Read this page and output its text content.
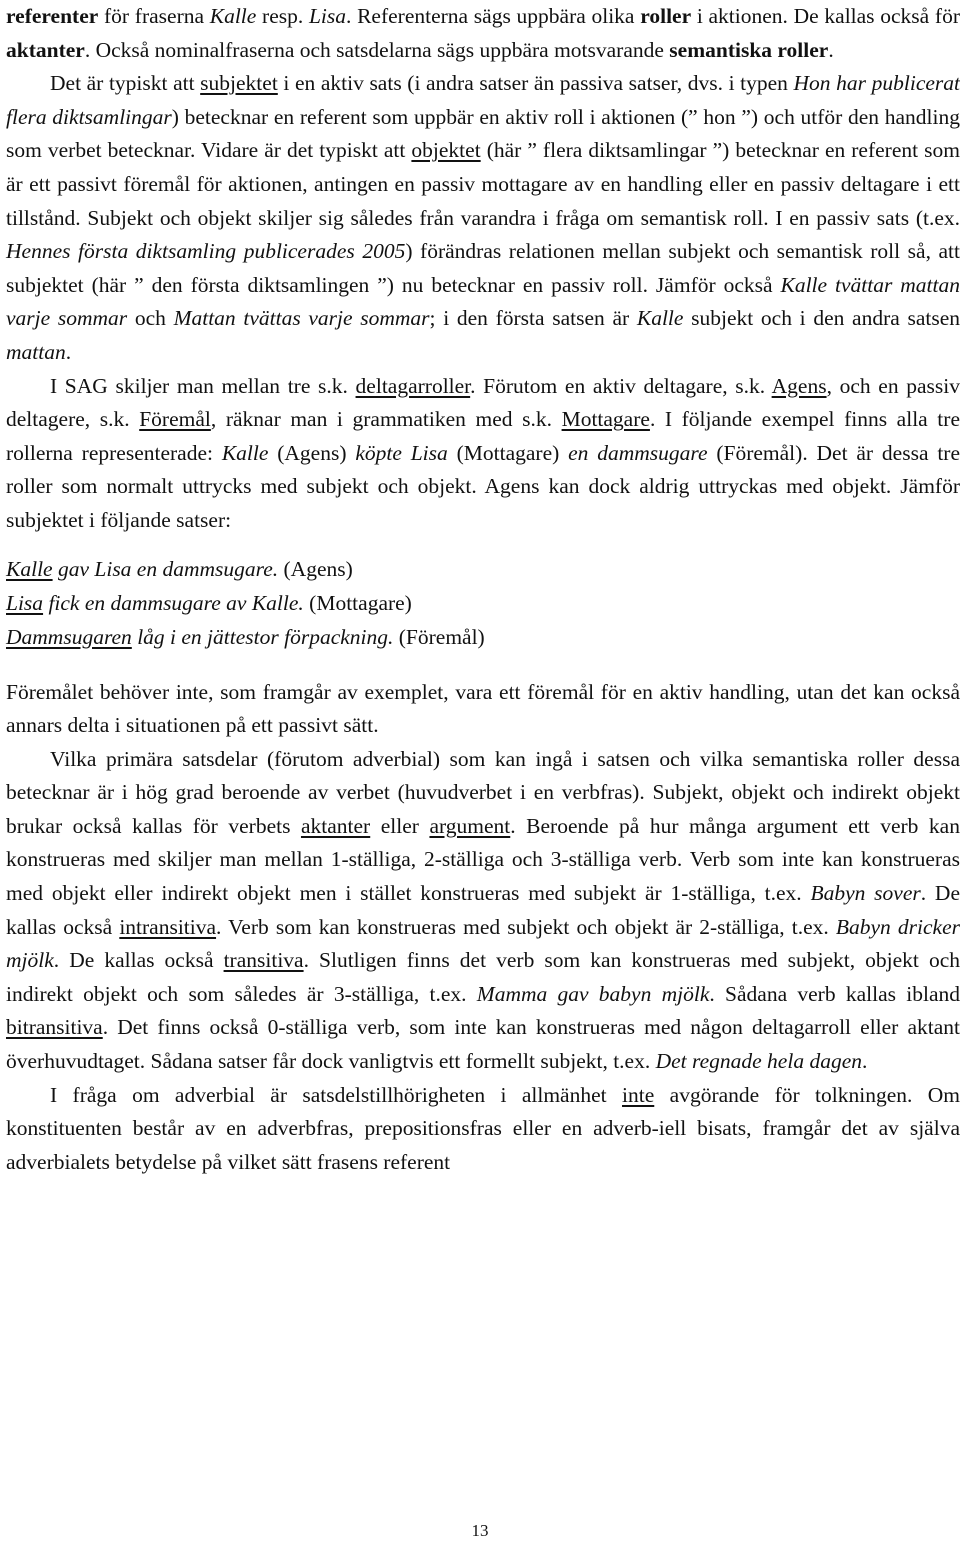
referenter för fraserna Kalle resp. Lisa. Referenterna sägs uppbära olika roller i aktionen. De kallas också för aktanter. Också nominalfraserna och satsdelarna sägs uppbära motsvarande semantiska roller.

Det är typiskt att subjektet i en aktiv sats (i andra satser än passiva satser, dvs. i typen Hon har publicerat flera diktsamlingar) betecknar en referent som uppbär en aktiv roll i aktionen (” hon ”) och utför den handling som verbet betecknar. Vidare är det typiskt att objektet (här ” flera diktsamlingar ”) betecknar en referent som är ett passivt föremål för aktionen, antingen en passiv mottagare av en handling eller en passiv deltagare i ett tillstånd. Subjekt och objekt skiljer sig således från varandra i fråga om semantisk roll. I en passiv sats (t.ex. Hennes första diktsamling publicerades 2005) förändras relationen mellan subjekt och semantisk roll så, att subjektet (här ” den första diktsamlingen ”) nu betecknar en passiv roll. Jämför också Kalle tvättar mattan varje sommar och Mattan tvättas varje sommar; i den första satsen är Kalle subjekt och i den andra satsen mattan.

I SAG skiljer man mellan tre s.k. deltagarroller. Förutom en aktiv deltagare, s.k. Agens, och en passiv deltagere, s.k. Föremål, räknar man i grammatiken med s.k. Mottagare. I följande exempel finns alla tre rollerna representerade: Kalle (Agens) köpte Lisa (Mottagare) en dammsugare (Föremål). Det är dessa tre roller som normalt uttrycks med subjekt och objekt. Agens kan dock aldrig uttryckas med objekt. Jämför subjektet i följande satser:

Kalle gav Lisa en dammsugare. (Agens)

Lisa fick en dammsugare av Kalle. (Mottagare)

Dammsugaren låg i en jättestor förpackning. (Föremål)

Föremålet behöver inte, som framgår av exemplet, vara ett föremål för en aktiv handling, utan det kan också annars delta i situationen på ett passivt sätt.

Vilka primära satsdelar (förutom adverbial) som kan ingå i satsen och vilka semantiska roller dessa betecknar är i hög grad beroende av verbet (huvudverbet i en verbfras). Subjekt, objekt och indirekt objekt brukar också kallas för verbets aktanter eller argument. Beroende på hur många argument ett verb kan konstrueras med skiljer man mellan 1-ställiga, 2-ställiga och 3-ställiga verb. Verb som inte kan konstrueras med objekt eller indirekt objekt men i stället konstrueras med subjekt är 1-ställiga, t.ex. Babyn sover. De kallas också intransitiva. Verb som kan konstrueras med subjekt och objekt är 2-ställiga, t.ex. Babyn dricker mjölk. De kallas också transitiva. Slutligen finns det verb som kan konstrueras med subjekt, objekt och indirekt objekt och som således är 3-ställiga, t.ex. Mamma gav babyn mjölk. Sådana verb kallas ibland bitransitiva. Det finns också 0-ställiga verb, som inte kan konstrueras med någon deltagarroll eller aktant överhuvudtaget. Sådana satser får dock vanligtvis ett formellt subjekt, t.ex. Det regnade hela dagen.

I fråga om adverbial är satsdelstillhörigheten i allmänhet inte avgörande för tolkningen. Om konstituenten består av en adverbfras, prepositionsfras eller en adverb-iell bisats, framgår det av själva adverbialets betydelse på vilket sätt frasens referent

13
